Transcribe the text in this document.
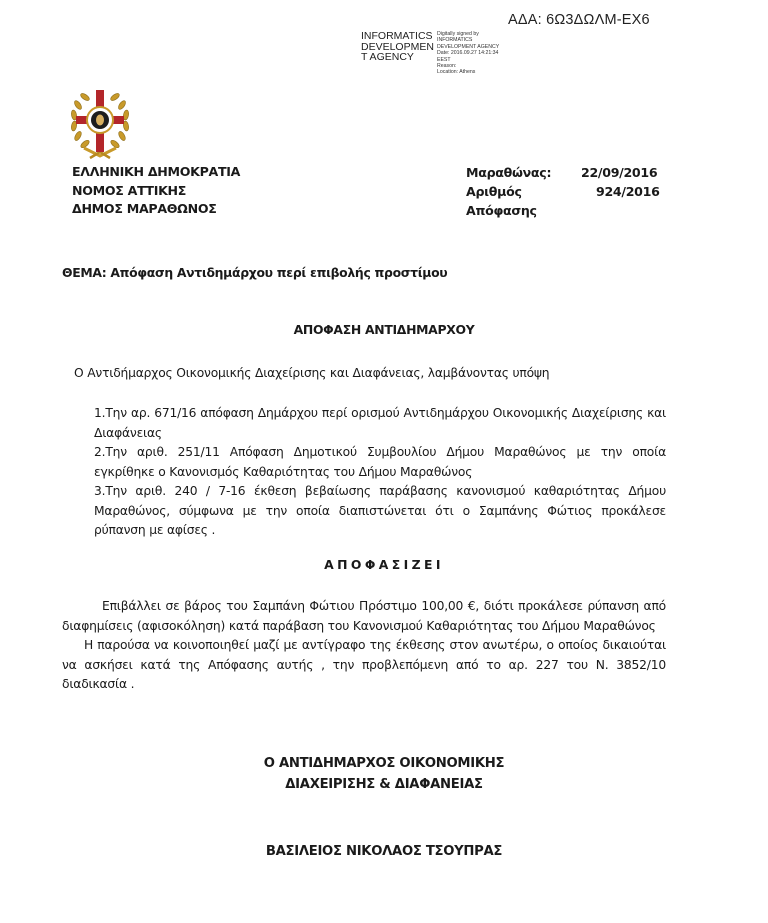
ΑΔΑ: 6Ω3ΔΩΛΜ-ΕΧ6
INFORMATICS
DEVELOPMEN
T AGENCY
Digitally signed by
INFORMATICS
DEVELOPMENT AGENCY
Date: 2016.09.27 14:21:34
EEST
Reason:
Location: Athens
ΕΛΛΗΝΙΚΗ ΔΗΜΟΚΡΑΤΙΑ
ΝΟΜΟΣ ΑΤΤΙΚΗΣ
ΔΗΜΟΣ ΜΑΡΑΘΩΝΟΣ
Μαραθώνας:	22/09/2016
Αριθμός Απόφασης
924/2016
ΘΕΜΑ: Απόφαση Αντιδημάρχου περί επιβολής προστίμου
ΑΠΟΦΑΣΗ ΑΝΤΙΔΗΜΑΡΧΟΥ
Ο Αντιδήμαρχος Οικονομικής Διαχείρισης και Διαφάνειας, λαμβάνοντας υπόψη
1.Την αρ. 671/16 απόφαση Δημάρχου περί ορισμού Αντιδημάρχου Οικονομικής Διαχείρισης και Διαφάνειας
2.Την αριθ. 251/11 Απόφαση Δημοτικού Συμβουλίου Δήμου Μαραθώνος με την οποία εγκρίθηκε ο Κανονισμός Καθαριότητας του Δήμου Μαραθώνος
3.Την αριθ. 240 / 7-16 έκθεση βεβαίωσης παράβασης κανονισμού καθαριότητας Δήμου Μαραθώνος, σύμφωνα με την οποία διαπιστώνεται ότι ο Σαμπάνης Φώτιος προκάλεσε ρύπανση με αφίσες .
ΑΠΟΦΑΣΙΖΕΙ

Επιβάλλει σε βάρος του Σαμπάνη Φώτιου Πρόστιμο 100,00 €, διότι προκάλεσε ρύπανση από διαφημίσεις (αφισοκόληση) κατά παράβαση του Κανονισμού Καθαριότητας του Δήμου Μαραθώνος

Η παρούσα να κοινοποιηθεί μαζί με αντίγραφο της έκθεσης στον ανωτέρω, ο οποίος δικαιούται να ασκήσει κατά της Απόφασης αυτής , την προβλεπόμενη από το αρ. 227 του Ν. 3852/10 διαδικασία .

Ο ΑΝΤΙΔΗΜΑΡΧΟΣ ΟΙΚΟΝΟΜΙΚΗΣ
ΔΙΑΧΕΙΡΙΣΗΣ & ΔΙΑΦΑΝΕΙΑΣ
ΒΑΣΙΛΕΙΟΣ ΝΙΚΟΛΑΟΣ ΤΣΟΥΠΡΑΣ
